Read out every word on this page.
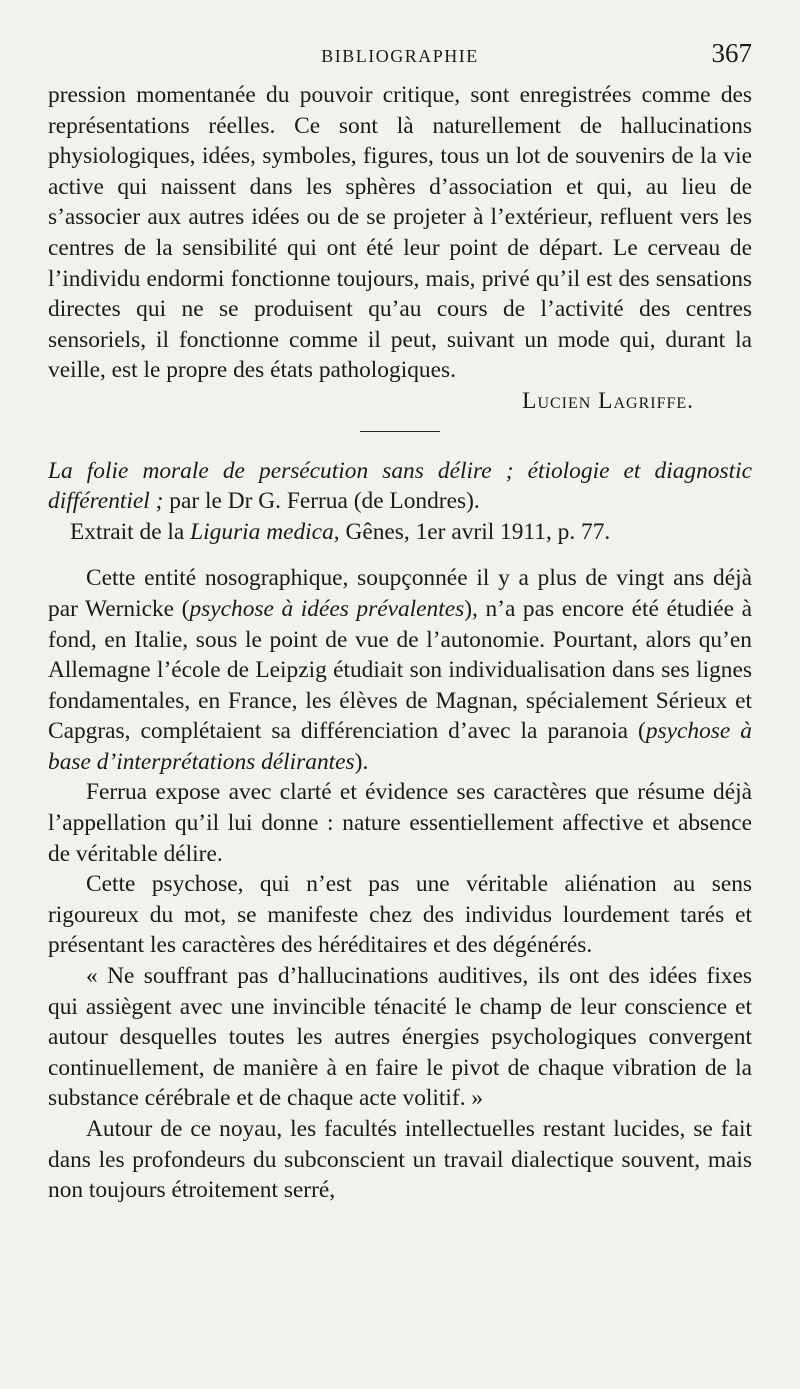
BIBLIOGRAPHIE	367

pression momentanée du pouvoir critique, sont enregistrées comme des représentations réelles. Ce sont là naturellement de hallucinations physiologiques, idées, symboles, figures, tous un lot de souvenirs de la vie active qui naissent dans les sphères d’association et qui, au lieu de s’associer aux autres idées ou de se projeter à l’extérieur, refluent vers les centres de la sensibilité qui ont été leur point de départ. Le cerveau de l’individu endormi fonctionne toujours, mais, privé qu’il est des sensations directes qui ne se produisent qu’au cours de l’activité des centres sensoriels, il fonctionne comme il peut, suivant un mode qui, durant la veille, est le propre des états pathologiques.

Lucien Lagriffe.

La folie morale de persécution sans délire ; étiologie et diagnostic différentiel ; par le Dr G. Ferrua (de Londres).
Extrait de la Liguria medica, Gênes, 1er avril 1911, p. 77.

Cette entité nosographique, soupçonnée il y a plus de vingt ans déjà par Wernicke (psychose à idées prévalentes), n’a pas encore été étudiée à fond, en Italie, sous le point de vue de l’autonomie. Pourtant, alors qu’en Allemagne l’école de Leipzig étudiait son individualisation dans ses lignes fondamentales, en France, les élèves de Magnan, spécialement Sérieux et Capgras, complétaient sa différenciation d’avec la paranoia (psychose à base d’interprétations délirantes).

Ferrua expose avec clarté et évidence ses caractères que résume déjà l’appellation qu’il lui donne : nature essentiellement affective et absence de véritable délire.

Cette psychose, qui n’est pas une véritable aliénation au sens rigoureux du mot, se manifeste chez des individus lourdement tarés et présentant les caractères des héréditaires et des dégénérés.

« Ne souffrant pas d’hallucinations auditives, ils ont des idées fixes qui assiègent avec une invincible ténacité le champ de leur conscience et autour desquelles toutes les autres énergies psychologiques convergent continuellement, de manière à en faire le pivot de chaque vibration de la substance cérébrale et de chaque acte volitif. »

Autour de ce noyau, les facultés intellectuelles restant lucides, se fait dans les profondeurs du subconscient un travail dialectique souvent, mais non toujours étroitement serré,
